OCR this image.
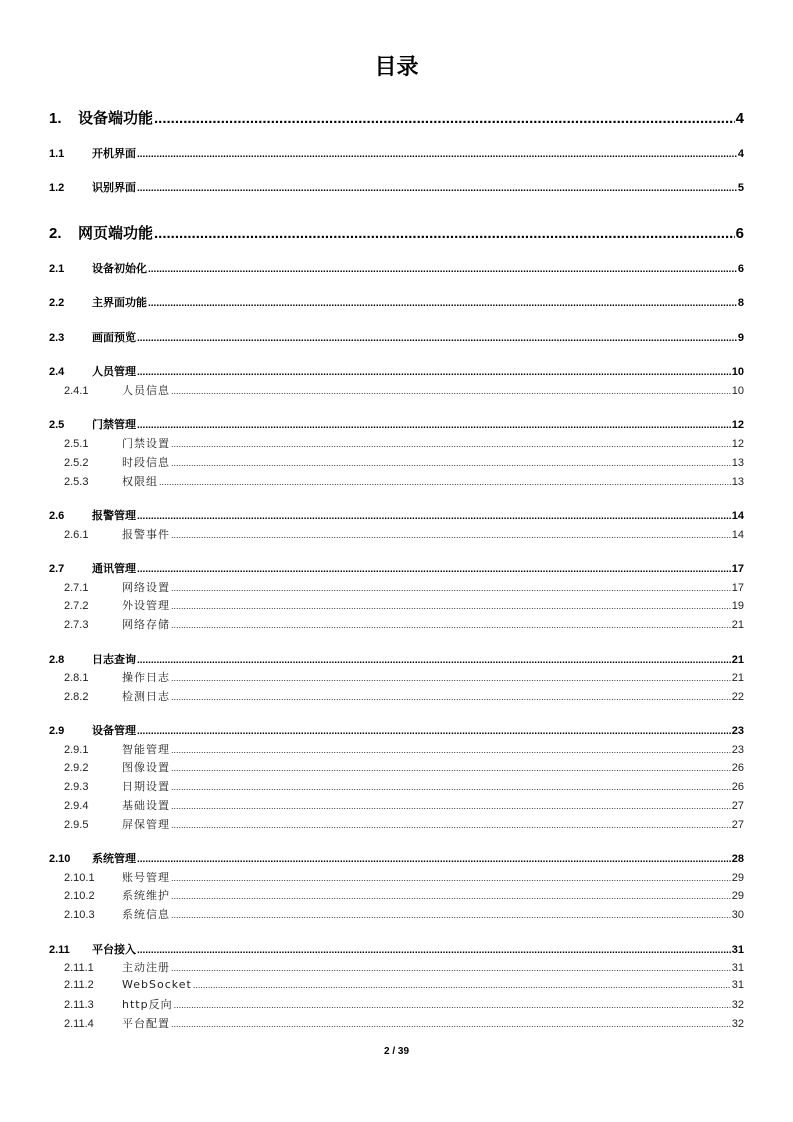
目录
1.	设备端功能 .....	4
1.1	开机界面 .....	4
1.2	识别界面 .....	5
2.	网页端功能 .....	6
2.1	设备初始化 .....	6
2.2	主界面功能 .....	8
2.3	画面预览 .....	9
2.4	人员管理 .....	10
2.4.1	人员信息 .....	10
2.5	门禁管理 .....	12
2.5.1	门禁设置 .....	12
2.5.2	时段信息 .....	13
2.5.3	权限组 .....	13
2.6	报警管理 .....	14
2.6.1	报警事件 .....	14
2.7	通讯管理 .....	17
2.7.1	网络设置 .....	17
2.7.2	外设管理 .....	19
2.7.3	网络存储 .....	21
2.8	日志查询 .....	21
2.8.1	操作日志 .....	21
2.8.2	检测日志 .....	22
2.9	设备管理 .....	23
2.9.1	智能管理 .....	23
2.9.2	图像设置 .....	26
2.9.3	日期设置 .....	26
2.9.4	基础设置 .....	27
2.9.5	屏保管理 .....	27
2.10	系统管理 .....	28
2.10.1	账号管理 .....	29
2.10.2	系统维护 .....	29
2.10.3	系统信息 .....	30
2.11	平台接入 .....	31
2.11.1	主动注册 .....	31
2.11.2	WebSocket .....	31
2.11.3	http反向 .....	32
2.11.4	平台配置 .....	32
2 / 39
